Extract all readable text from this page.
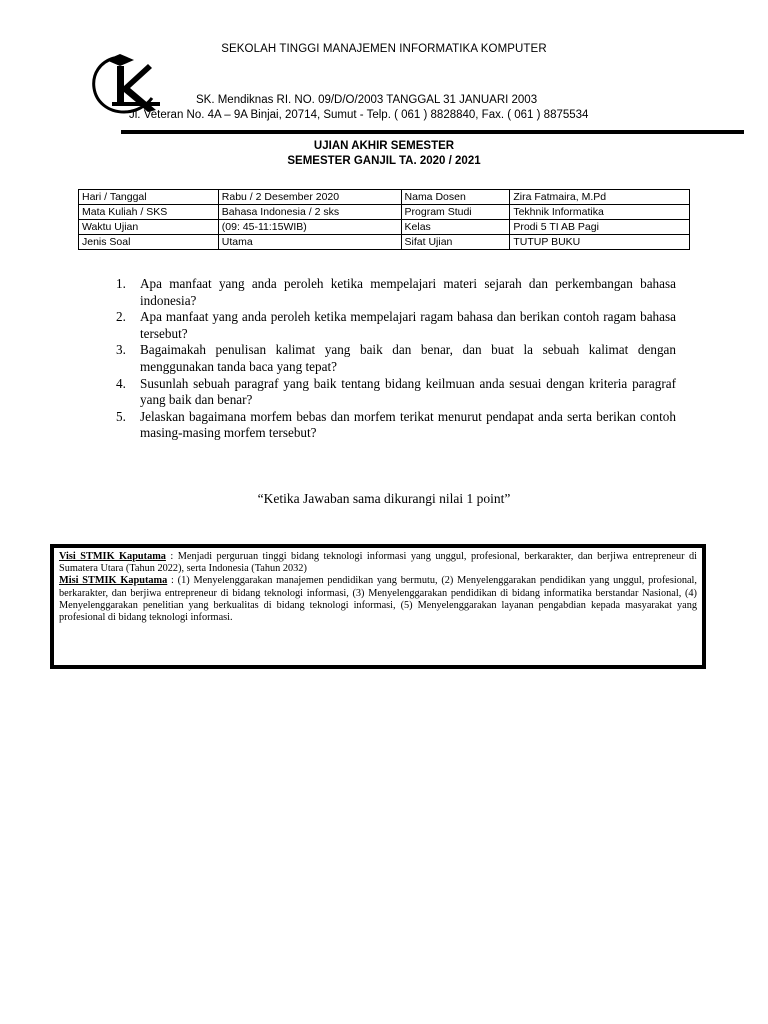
SEKOLAH TINGGI MANAJEMEN INFORMATIKA KOMPUTER
SK. Mendiknas RI. NO. 09/D/O/2003 TANGGAL 31 JANUARI 2003
Jl. Veteran No. 4A – 9A Binjai, 20714, Sumut - Telp. ( 061 ) 8828840, Fax. ( 061 ) 8875534
UJIAN AKHIR SEMESTER
SEMESTER GANJIL TA. 2020 / 2021
Hari / Tanggal	Rabu / 2 Desember 2020	Nama Dosen	Zira Fatmaira, M.Pd
Mata Kuliah / SKS	Bahasa Indonesia / 2 sks	Program Studi	Tekhnik Informatika
Waktu Ujian	(09: 45-11:15WIB)	Kelas	Prodi 5 TI AB Pagi
Jenis Soal	Utama	Sifat Ujian	TUTUP BUKU
1.	Apa manfaat yang anda peroleh ketika mempelajari materi sejarah dan perkembangan bahasa indonesia?
2.	Apa manfaat yang anda peroleh ketika mempelajari ragam bahasa dan berikan contoh ragam bahasa tersebut?
3.	Bagaimakah penulisan kalimat yang baik dan benar, dan buat la sebuah kalimat dengan menggunakan tanda baca yang tepat?
4.	Susunlah sebuah paragraf yang baik tentang bidang keilmuan anda sesuai dengan kriteria paragraf yang baik dan benar?
5.	Jelaskan bagaimana morfem bebas dan morfem terikat menurut pendapat anda serta berikan contoh masing-masing morfem tersebut?
“Ketika Jawaban sama dikurangi nilai 1 point”

Visi STMIK Kaputama : Menjadi perguruan tinggi bidang teknologi informasi yang unggul, profesional, berkarakter, dan berjiwa entrepreneur di Sumatera Utara (Tahun 2022), serta Indonesia (Tahun 2032)

Misi STMIK Kaputama : (1) Menyelenggarakan manajemen pendidikan yang bermutu, (2) Menyelenggarakan pendidikan yang unggul, profesional, berkarakter, dan berjiwa entrepreneur di bidang teknologi informasi, (3) Menyelenggarakan pendidikan di bidang informatika berstandar Nasional, (4) Menyelenggarakan penelitian yang berkualitas di bidang teknologi informasi, (5) Menyelenggarakan layanan pengabdian kepada masyarakat yang profesional di bidang teknologi informasi.
